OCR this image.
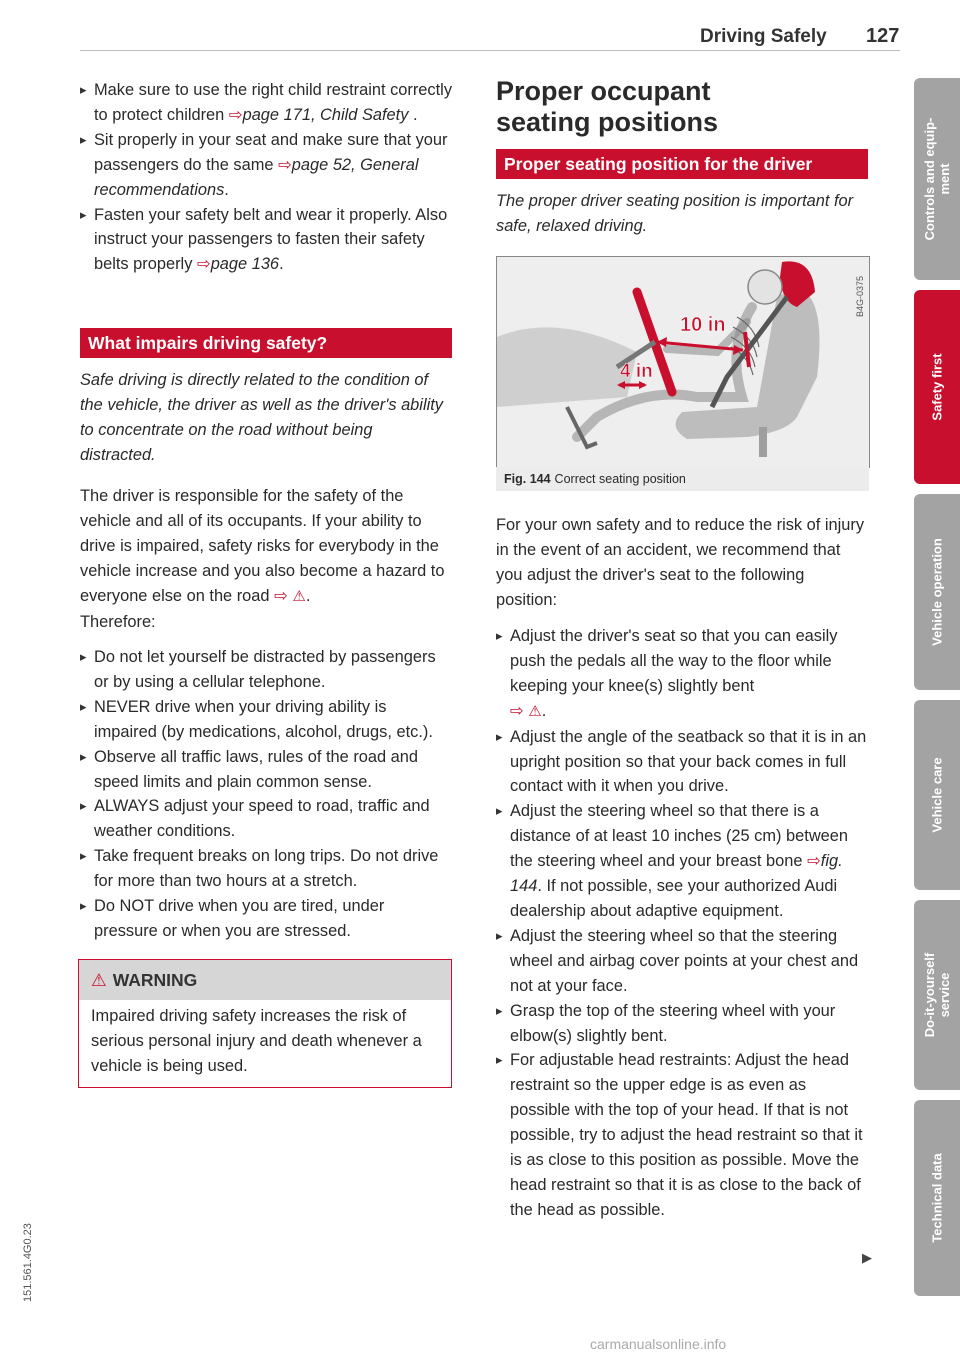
Driving Safely 127

▸ Make sure to use the right child restraint correctly to protect children ⇨page 171, Child Safety .

▸ Sit properly in your seat and make sure that your passengers do the same ⇨page 52, General recommendations.

▸ Fasten your safety belt and wear it properly. Also instruct your passengers to fasten their safety belts properly ⇨page 136.

What impairs driving safety?
Safe driving is directly related to the condition of the vehicle, the driver as well as the driver's ability to concentrate on the road without being distracted.
The driver is responsible for the safety of the vehicle and all of its occupants. If your ability to drive is impaired, safety risks for everybody in the vehicle increase and you also become a hazard to everyone else on the road ⇨ ⚠.
Therefore:

▸ Do not let yourself be distracted by passengers or by using a cellular telephone.

▸ NEVER drive when your driving ability is impaired (by medications, alcohol, drugs, etc.).

▸ Observe all traffic laws, rules of the road and speed limits and plain common sense.

▸ ALWAYS adjust your speed to road, traffic and weather conditions.

▸ Take frequent breaks on long trips. Do not drive for more than two hours at a stretch.

▸ Do NOT drive when you are tired, under pressure or when you are stressed.

⚠ WARNING
Impaired driving safety increases the risk of serious personal injury and death whenever a vehicle is being used.
Proper occupant
seating positions
Proper seating position for the driver
The proper driver seating position is important for safe, relaxed driving.
10 in
4 in
B4G-0375
Fig. 144 Correct seating position
For your own safety and to reduce the risk of injury in the event of an accident, we recommend that you adjust the driver's seat to the following position:

▸ Adjust the driver's seat so that you can easily push the pedals all the way to the floor while keeping your knee(s) slightly bent
⇨ ⚠.

▸ Adjust the angle of the seatback so that it is in an upright position so that your back comes in full contact with it when you drive.

▸ Adjust the steering wheel so that there is a distance of at least 10 inches (25 cm) between the steering wheel and your breast bone ⇨fig. 144. If not possible, see your authorized Audi dealership about adaptive equipment.

▸ Adjust the steering wheel so that the steering wheel and airbag cover points at your chest and not at your face.

▸ Grasp the top of the steering wheel with your elbow(s) slightly bent.

▸ For adjustable head restraints: Adjust the head restraint so the upper edge is as even as possible with the top of your head. If that is not possible, try to adjust the head restraint so that it is as close to this position as possible. Move the head restraint so that it is as close to the back of the head as possible.

▶
Controls and equip-
ment
Safety first
Vehicle operation
Vehicle care
Do-it-yourself
service
Technical data
151.561.4G0.23
carmanualsonline.info
